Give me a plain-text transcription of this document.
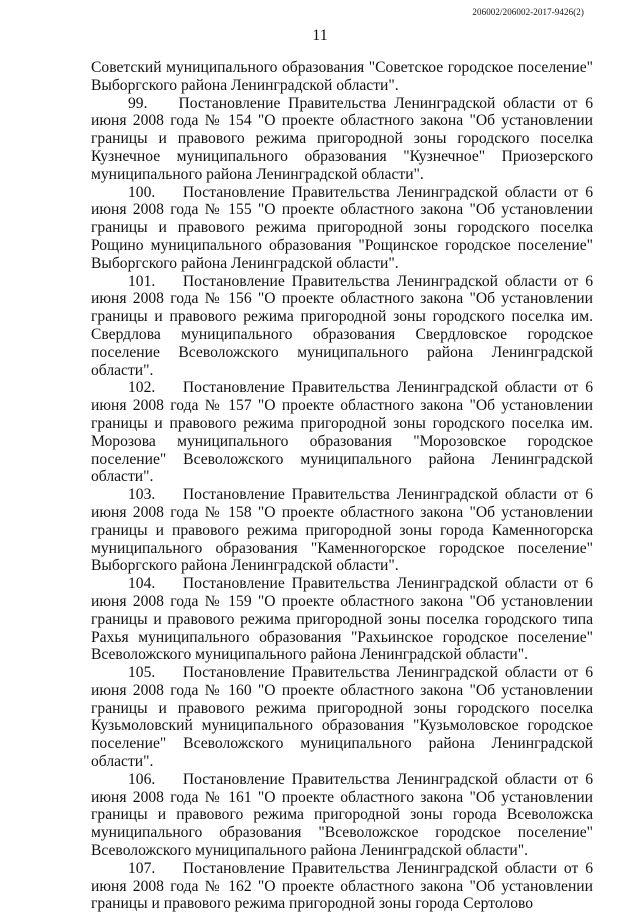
206002/206002-2017-9426(2)
11

Советский муниципального образования "Советское городское поселение" Выборгского района Ленинградской области".

99.    Постановление Правительства Ленинградской области от 6 июня 2008 года № 154 "О проекте областного закона "Об установлении границы и правового режима пригородной зоны городского поселка Кузнечное муниципального образования "Кузнечное" Приозерского муниципального района Ленинградской области".

100.    Постановление Правительства Ленинградской области от 6 июня 2008 года № 155 "О проекте областного закона "Об установлении границы и правового режима пригородной зоны городского поселка Рощино муниципального образования "Рощинское городское поселение" Выборгского района Ленинградской области".

101.    Постановление Правительства Ленинградской области от 6 июня 2008 года № 156 "О проекте областного закона "Об установлении границы и правового режима пригородной зоны городского поселка им. Свердлова муниципального образования Свердловское городское поселение Всеволожского муниципального района Ленинградской области".

102.    Постановление Правительства Ленинградской области от 6 июня 2008 года № 157 "О проекте областного закона "Об установлении границы и правового режима пригородной зоны городского поселка им. Морозова муниципального образования "Морозовское городское поселение" Всеволожского муниципального района Ленинградской области".

103.    Постановление Правительства Ленинградской области от 6 июня 2008 года № 158 "О проекте областного закона "Об установлении границы и правового режима пригородной зоны города Каменногорска муниципального образования "Каменногорское городское поселение" Выборгского района Ленинградской области".

104.    Постановление Правительства Ленинградской области от 6 июня 2008 года № 159 "О проекте областного закона "Об установлении границы и правового режима пригородной зоны поселка городского типа Рахья муниципального образования "Рахьинское городское поселение" Всеволожского муниципального района Ленинградской области".

105.    Постановление Правительства Ленинградской области от 6 июня 2008 года № 160 "О проекте областного закона "Об установлении границы и правового режима пригородной зоны городского поселка Кузьмоловский муниципального образования "Кузьмоловское городское поселение" Всеволожского муниципального района Ленинградской области".

106.    Постановление Правительства Ленинградской области от 6 июня 2008 года № 161 "О проекте областного закона "Об установлении границы и правового режима пригородной зоны города Всеволожска муниципального образования "Всеволожское городское поселение" Всеволожского муниципального района Ленинградской области".

107.    Постановление Правительства Ленинградской области от 6 июня 2008 года № 162 "О проекте областного закона "Об установлении границы и правового режима пригородной зоны города Сертолово
